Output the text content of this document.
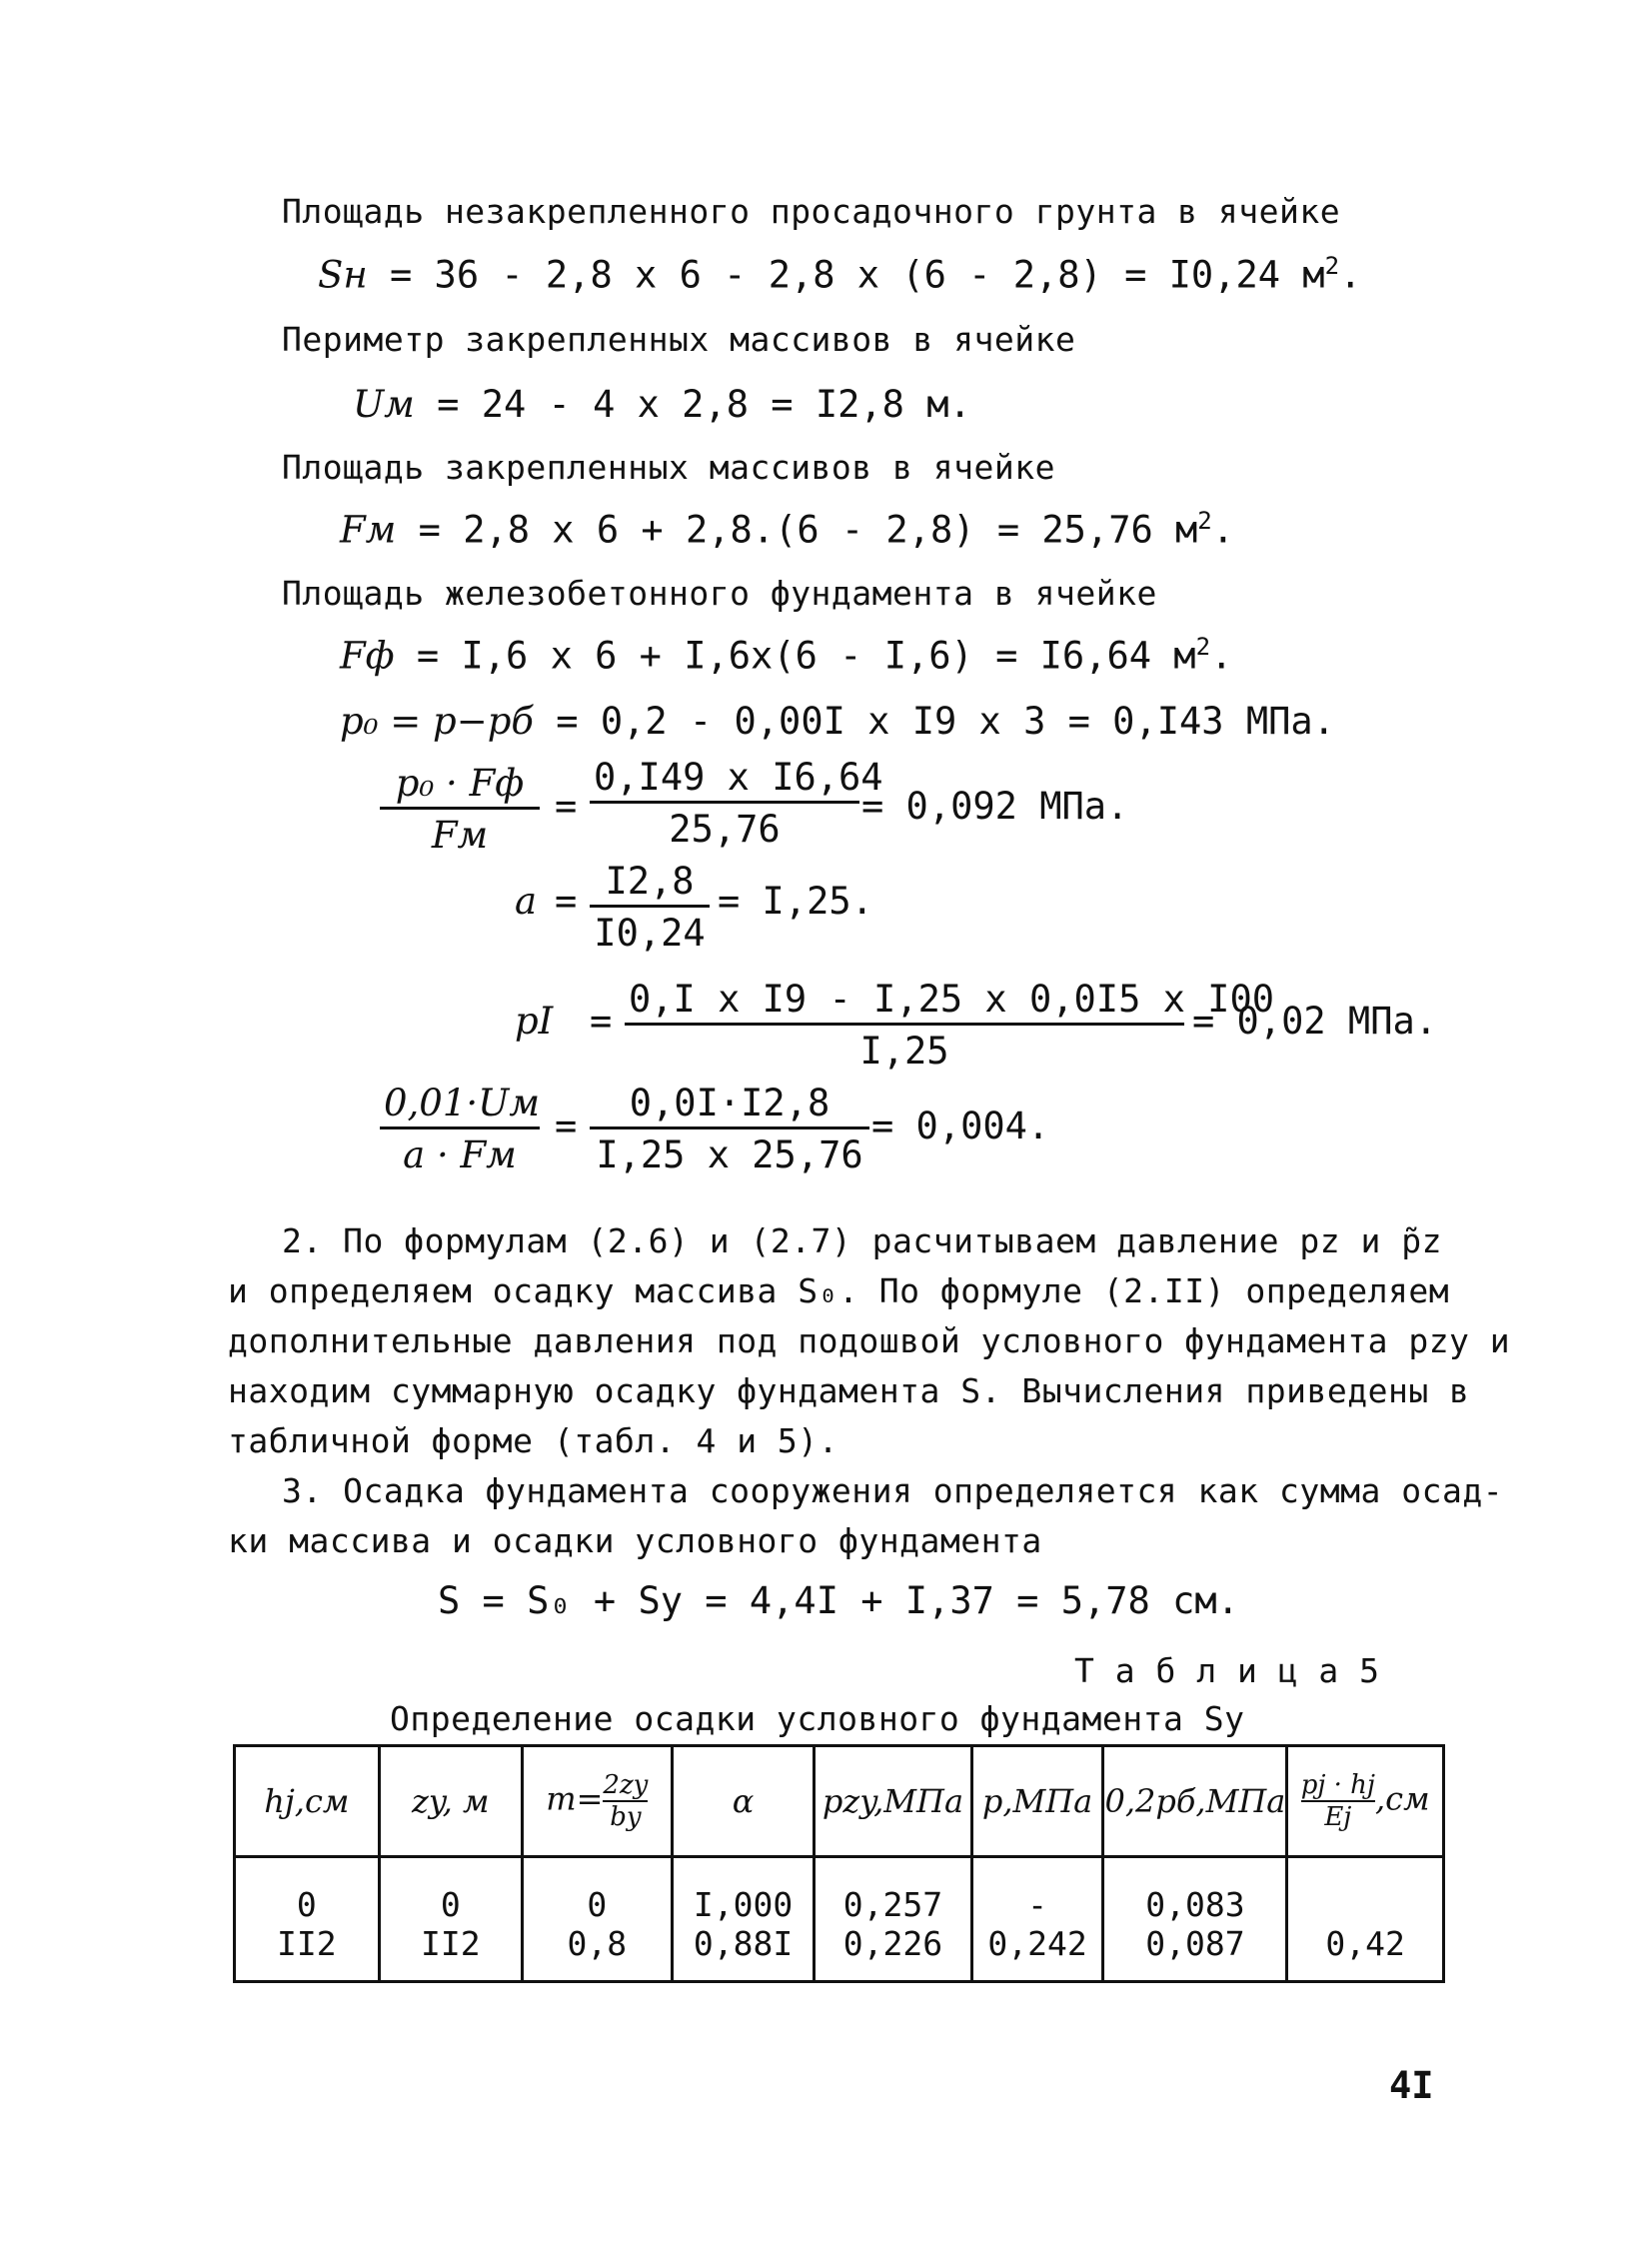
Площадь незакрепленного просадочного грунта в ячейке
Sн = 36 - 2,8 x 6 - 2,8 x (6 - 2,8) = I0,24 $м^2$.
Периметр закрепленных массивов в ячейке
Uм = 24 - 4 x 2,8 = I2,8 м.
Площадь закрепленных массивов в ячейке
Fм = 2,8 x 6 + 2,8.(6 - 2,8) = 25,76 $м^2$.
Площадь железобетонного фундамента в ячейке
Fф = I,6 x 6 + I,6x(6 - I,6) = I6,64 $м^2$.
p₀ = p−pб = 0,2 - 0,00I x I9 x 3 = 0,I43 МПа.
p₀ · Fф
Fм
= $\frac{\text{0,I49 x I6,64}}{25,76} = 0,092$ МПа.
$a = \frac{I2,8}{I0,24} = I,25$.
pI = $\frac{\text{0,I x I9 - I,25 x 0,0I5 x I00}}{I,25} = 0,02$ МПа.
0,01·Uм
a · Fм
= $\frac{0,0I\cdot I2,8}{I,25 x 25,76} = 0,004$.
2. По формулам (2.6) и (2.7) расчитываем давление pz и p̃z
и определяем осадку массива S₀. По формуле (2.II) определяем
дополнительные давления под подошвой условного фундамента pzy и
находим суммарную осадку фундамента S. Вычисления приведены в
табличной форме (табл. 4 и 5).
3. Осадка фундамента сооружения определяется как сумма осад-
ки массива и осадки условного фундамента
S = S₀ + Sy = 4,4I + I,37 = 5,78 см.
Т а б л и ц а 5
Определение осадки условного фундамента Sy
hj,см	zy, м	$m= \frac{2zy}{by}$	α	pzy,МПа	p,МПа	0,2pб,МПа	$\frac{pj \cdot hj}{Ej} ,см$
0	0	0	I,000	0,257	-	0,083	
II2	II2	0,8	0,88I	0,226	0,242	0,087	0,42
4I
